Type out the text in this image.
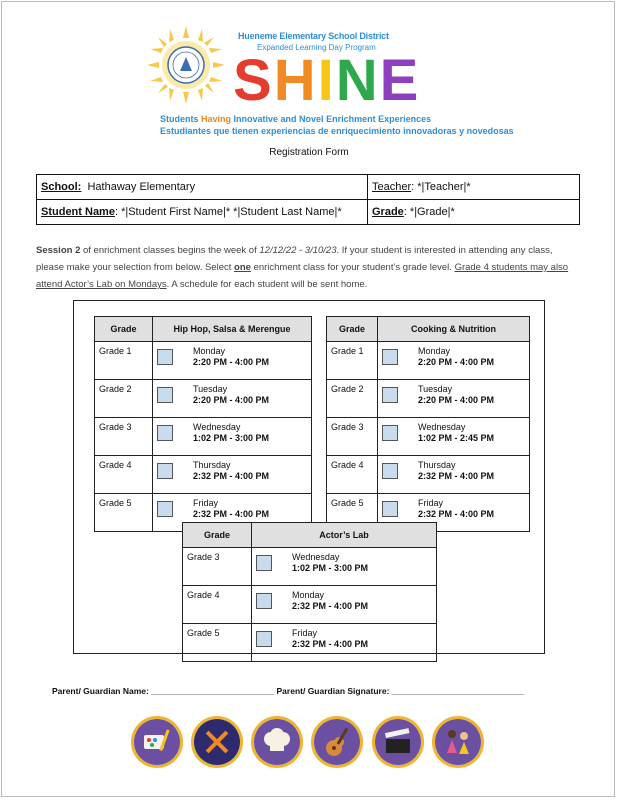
Hueneme Elementary School District
Expanded Learning Day Program
SHINE
Students Having Innovative and Novel Enrichment Experiences
Estudiantes que tienen experiencias de enriquecimiento innovadoras y novedosas
Registration Form
School: Hathaway Elementary	Teacher: *|Teacher|*
Student Name: *|Student First Name|* *|Student Last Name|*	Grade: *|Grade|*
Session 2 of enrichment classes begins the week of 12/12/22 - 3/10/23. If your student is interested in attending any class, please make your selection from below. Select one enrichment class for your student’s grade level. Grade 4 students may also attend Actor’s Lab on Mondays. A schedule for each student will be sent home.
Grade	Hip Hop, Salsa & Merengue
Grade 1	Monday
2:20 PM - 4:00 PM

Grade 2	Tuesday
2:20 PM - 4:00 PM

Grade 3	Wednesday
1:02 PM - 3:00 PM

Grade 4	Thursday
2:32 PM - 4:00 PM

Grade 5	Friday
2:32 PM - 4:00 PM
Grade	Cooking & Nutrition
Grade 1	Monday
2:20 PM - 4:00 PM

Grade 2	Tuesday
2:20 PM - 4:00 PM

Grade 3	Wednesday
1:02 PM - 2:45 PM

Grade 4	Thursday
2:32 PM - 4:00 PM

Grade 5	Friday
2:32 PM - 4:00 PM
Grade	Actor’s Lab
Grade 3	Wednesday
1:02 PM - 3:00 PM

Grade 4	Monday
2:32 PM - 4:00 PM

Grade 5	Friday
2:32 PM - 4:00 PM
Parent/ Guardian Name: __________________________ Parent/ Guardian Signature: ____________________________
